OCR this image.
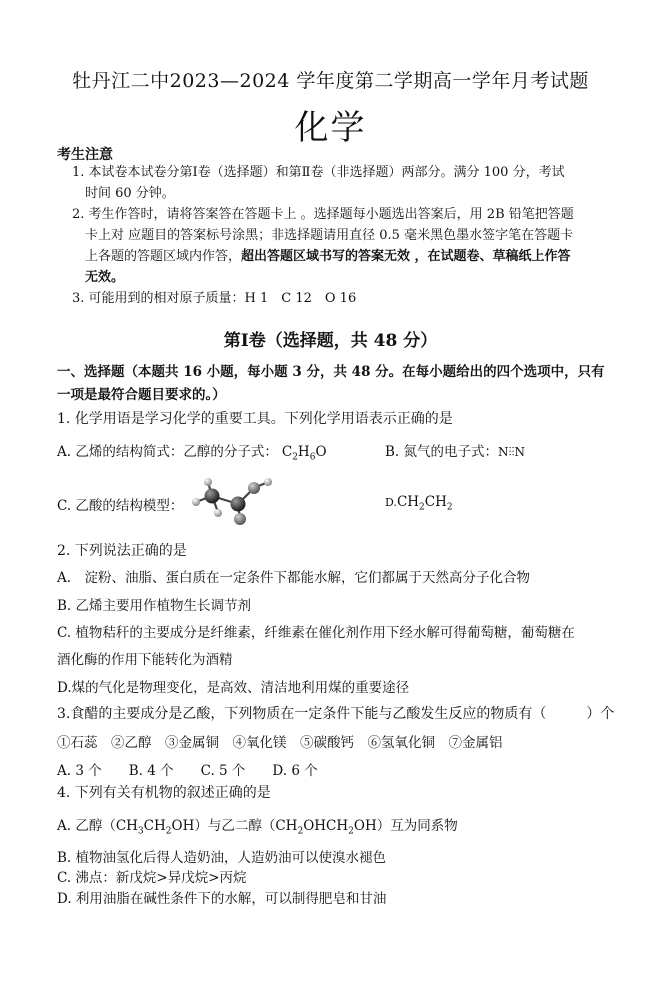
牡丹江二中2023—2024 学年度第二学期高一学年月考试题
化学
考生注意
1. 本试卷本试卷分第Ⅰ卷（选择题）和第Ⅱ卷（非选择题）两部分。满分 100 分，考试
时间 60 分钟。
2. 考生作答时，请将答案答在答题卡上 。选择题每小题选出答案后，用 2B 铅笔把答题
卡上对 应题目的答案标号涂黑；非选择题请用直径 0.5 毫米黑色墨水签字笔在答题卡
上各题的答题区域内作答，超出答题区域书写的答案无效 ，在试题卷、草稿纸上作答
无效。
3. 可能用到的相对原子质量：H 1　C 12　O 16
第Ⅰ卷（选择题，共 48 分）
一、选择题（本题共 16 小题，每小题 3 分，共 48 分。在每小题给出的四个选项中，只有
一项是最符合题目要求的。）
1. 化学用语是学习化学的重要工具。下列化学用语表示正确的是
A. 乙烯的结构简式：乙醇的分子式： $C_2H_6O$	B. 氮气的电子式：N⫶⫶N
C. 乙酸的结构模型：	$D.CH_2CH_2$
2. 下列说法正确的是
A.　淀粉、油脂、蛋白质在一定条件下都能水解，它们都属于天然高分子化合物
B. 乙烯主要用作植物生长调节剂
C. 植物秸秆的主要成分是纤维素，纤维素在催化剂作用下经水解可得葡萄糖，葡萄糖在
酒化酶的作用下能转化为酒精
D.煤的气化是物理变化，是高效、清洁地利用煤的重要途径
3.食醋的主要成分是乙酸，下列物质在一定条件下能与乙酸发生反应的物质有（	）个
①石蕊　②乙醇　③金属铜　④氧化镁　⑤碳酸钙　⑥氢氧化铜　⑦金属铝
A. 3 个　　B. 4 个　　C. 5 个　　D. 6 个
4. 下列有关有机物的叙述正确的是
A. 乙醇$(CH_3CH_2OH)$与乙二醇$(CH_2OHCH_2OH)$互为同系物
B. 植物油氢化后得人造奶油，人造奶油可以使溴水褪色
C. 沸点：新戊烷>异戊烷>丙烷
D. 利用油脂在碱性条件下的水解，可以制得肥皂和甘油
